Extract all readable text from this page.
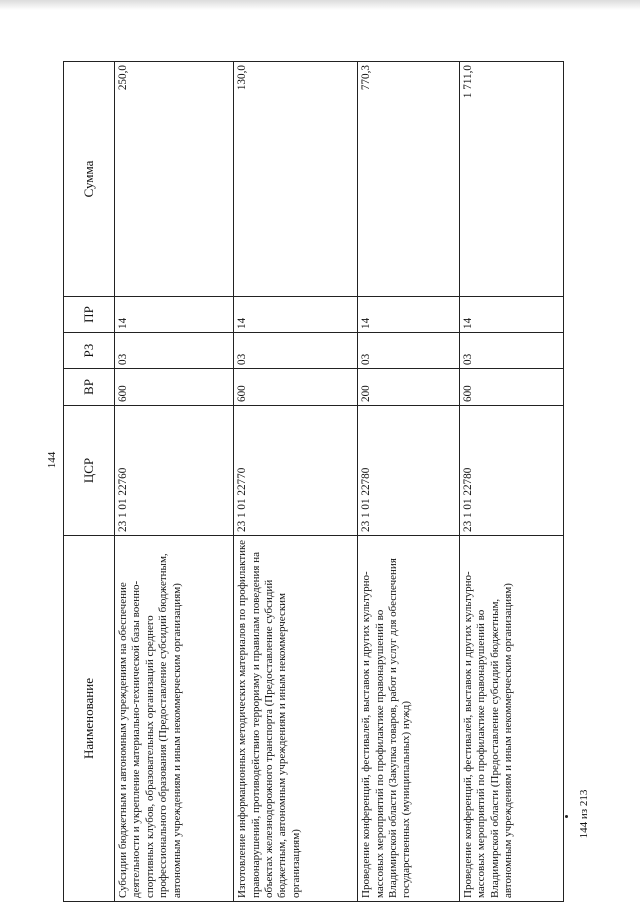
144
Наименование	ЦСР	ВР	РЗ	ПР	Сумма
Субсидии бюджетным и автономным учреждениям на обеспечение деятельности и укрепление материально-технической базы военно-спортивных клубов, образовательных организаций среднего профессионального образования (Предоставление субсидий бюджетным, автономным учреждениям и иным некоммерческим организациям)	23 1 01 22760	600	03	14	250,0
Изготовление информационных методических материалов по профилактике правонарушений, противодействию терроризму и правилам поведения на объектах железнодорожного транспорта (Предоставление субсидий бюджетным, автономным учреждениям и иным некоммерческим организациям)	23 1 01 22770	600	03	14	130,0
Проведение конференций, фестивалей, выставок и других культурно-массовых мероприятий по профилактике правонарушений во Владимирской области (Закупка товаров, работ и услуг для обеспечения государственных (муниципальных) нужд)	23 1 01 22780	200	03	14	770,3
Проведение конференций, фестивалей, выставок и других культурно-массовых мероприятий по профилактике правонарушений во Владимирской области (Предоставление субсидий бюджетным, автономным учреждениям и иным некоммерческим организациям)	23 1 01 22780	600	03	14	1 711,0
144 из 213
